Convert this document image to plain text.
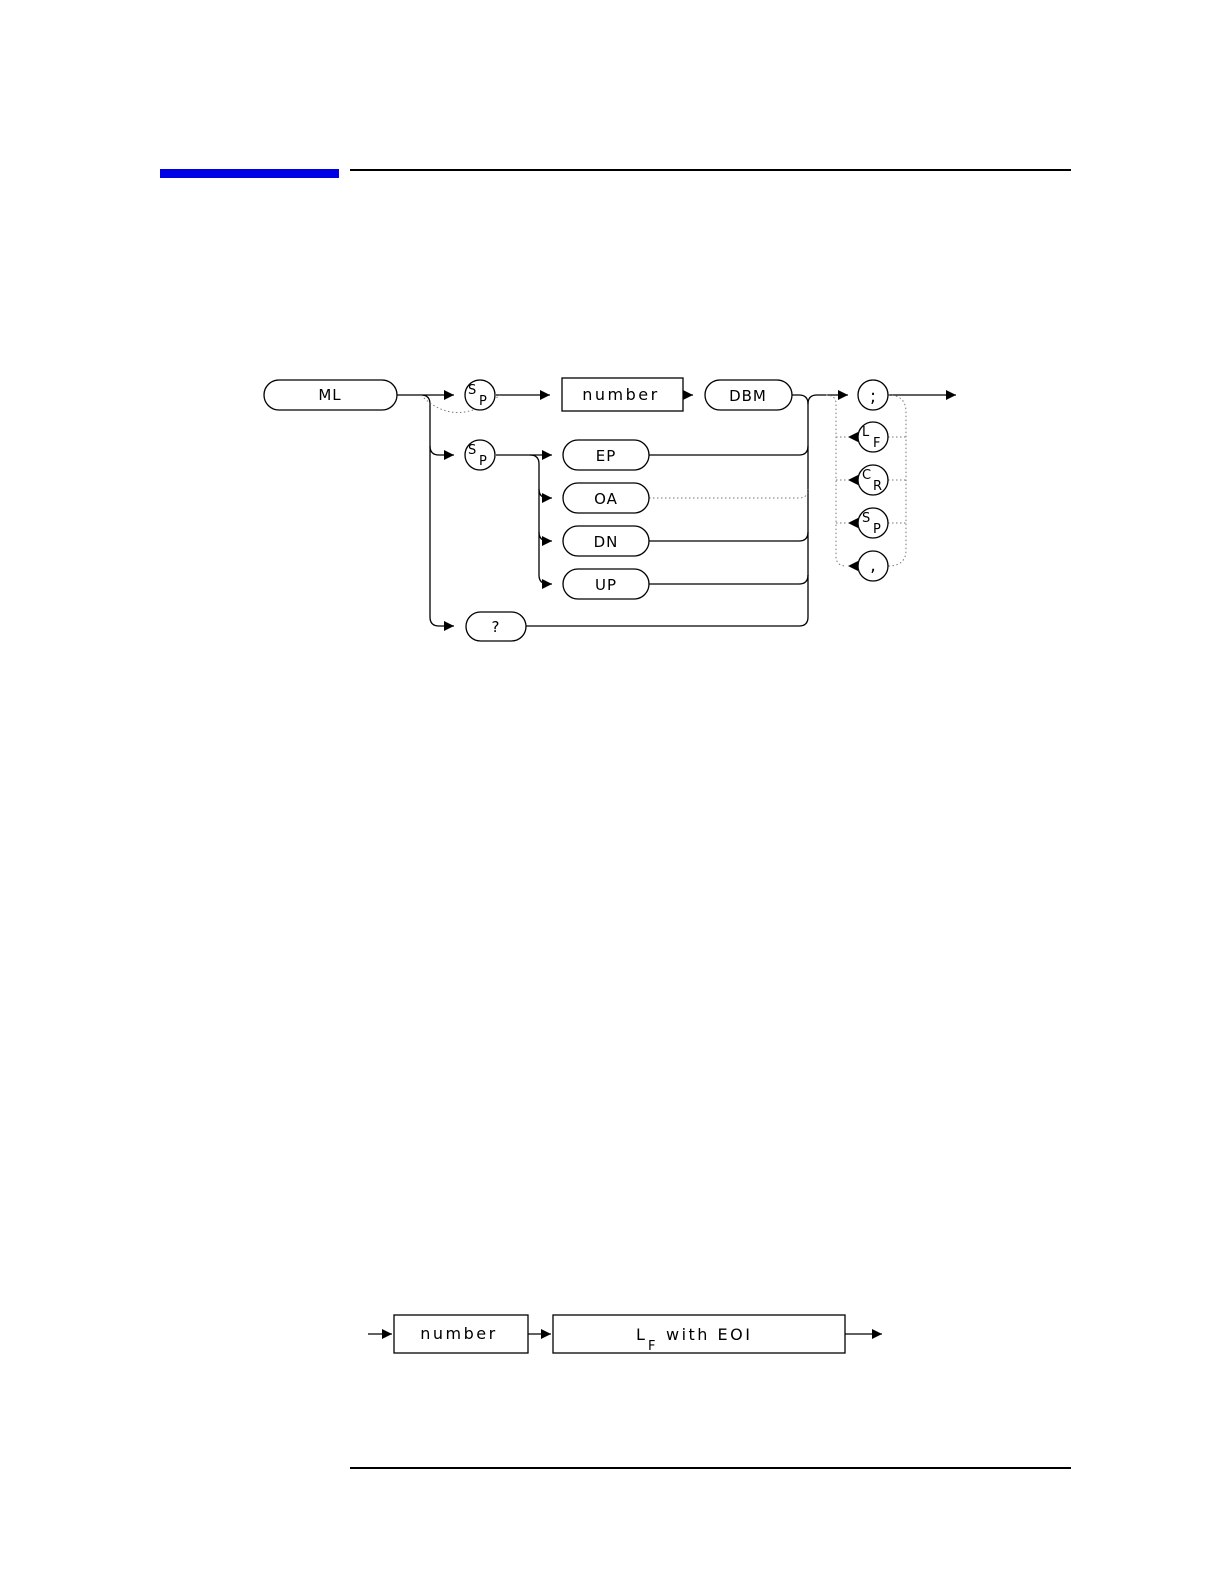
ML	S
P	number	DBM
S
P	EP
OA
DN
UP
?
;
L
F
C
R
S
P
,
number	L
F
with EOI
